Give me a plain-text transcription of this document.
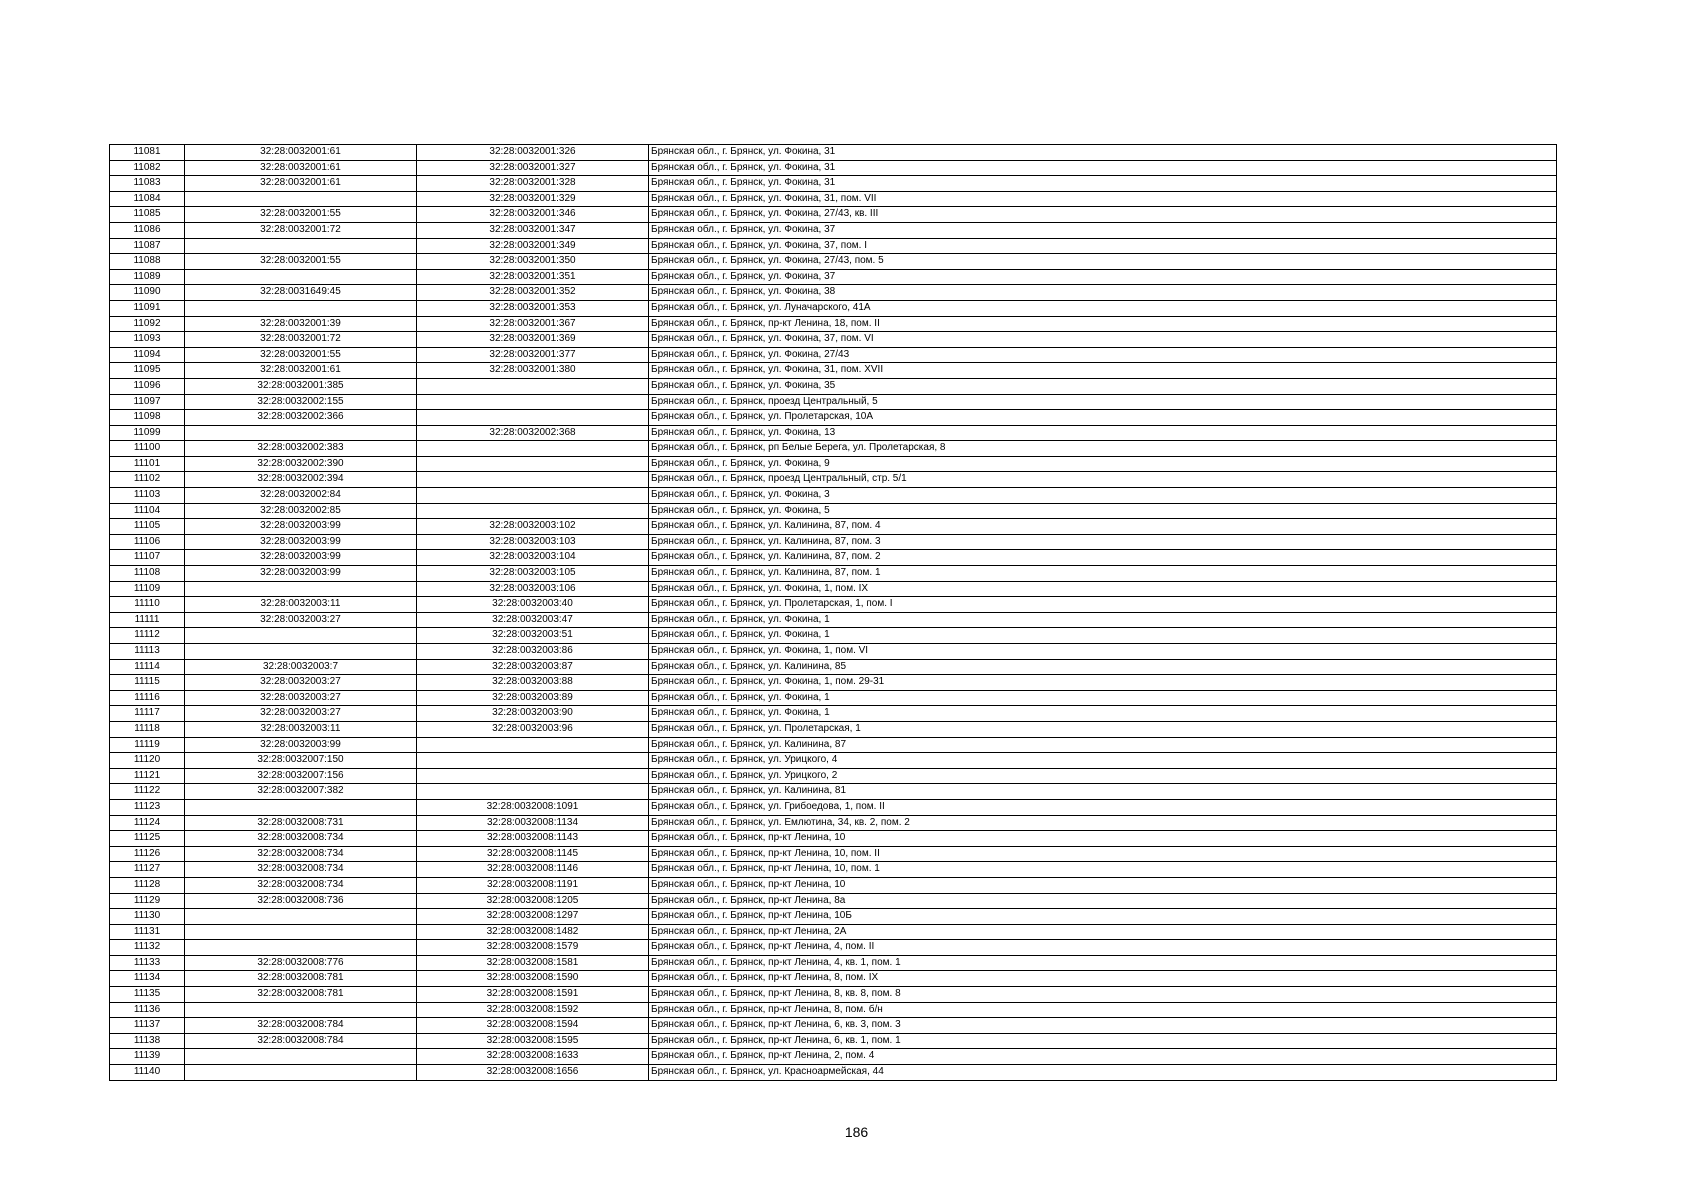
11081	32:28:0032001:61	32:28:0032001:326	Брянская обл., г. Брянск, ул. Фокина, 31
11082	32:28:0032001:61	32:28:0032001:327	Брянская обл., г. Брянск, ул. Фокина, 31
11083	32:28:0032001:61	32:28:0032001:328	Брянская обл., г. Брянск, ул. Фокина, 31
11084		32:28:0032001:329	Брянская обл., г. Брянск, ул. Фокина, 31, пом. VII
11085	32:28:0032001:55	32:28:0032001:346	Брянская обл., г. Брянск, ул. Фокина, 27/43, кв. III
11086	32:28:0032001:72	32:28:0032001:347	Брянская обл., г. Брянск, ул. Фокина, 37
11087		32:28:0032001:349	Брянская обл., г. Брянск, ул. Фокина, 37, пом. I
11088	32:28:0032001:55	32:28:0032001:350	Брянская обл., г. Брянск, ул. Фокина, 27/43, пом. 5
11089		32:28:0032001:351	Брянская обл., г. Брянск, ул. Фокина, 37
11090	32:28:0031649:45	32:28:0032001:352	Брянская обл., г. Брянск, ул. Фокина, 38
11091		32:28:0032001:353	Брянская обл., г. Брянск, ул. Луначарского, 41А
11092	32:28:0032001:39	32:28:0032001:367	Брянская обл., г. Брянск, пр-кт Ленина, 18, пом. II
11093	32:28:0032001:72	32:28:0032001:369	Брянская обл., г. Брянск, ул. Фокина, 37, пом. VI
11094	32:28:0032001:55	32:28:0032001:377	Брянская обл., г. Брянск, ул. Фокина, 27/43
11095	32:28:0032001:61	32:28:0032001:380	Брянская обл., г. Брянск, ул. Фокина, 31, пом. XVII
11096	32:28:0032001:385		Брянская обл., г. Брянск, ул. Фокина, 35
11097	32:28:0032002:155		Брянская обл., г. Брянск, проезд Центральный, 5
11098	32:28:0032002:366		Брянская обл., г. Брянск, ул. Пролетарская, 10А
11099		32:28:0032002:368	Брянская обл., г. Брянск, ул. Фокина, 13
11100	32:28:0032002:383		Брянская обл., г. Брянск, рп Белые Берега, ул. Пролетарская, 8
11101	32:28:0032002:390		Брянская обл., г. Брянск, ул. Фокина, 9
11102	32:28:0032002:394		Брянская обл., г. Брянск, проезд Центральный, стр. 5/1
11103	32:28:0032002:84		Брянская обл., г. Брянск, ул. Фокина, 3
11104	32:28:0032002:85		Брянская обл., г. Брянск, ул. Фокина, 5
11105	32:28:0032003:99	32:28:0032003:102	Брянская обл., г. Брянск, ул. Калинина, 87, пом. 4
11106	32:28:0032003:99	32:28:0032003:103	Брянская обл., г. Брянск, ул. Калинина, 87, пом. 3
11107	32:28:0032003:99	32:28:0032003:104	Брянская обл., г. Брянск, ул. Калинина, 87, пом. 2
11108	32:28:0032003:99	32:28:0032003:105	Брянская обл., г. Брянск, ул. Калинина, 87, пом. 1
11109		32:28:0032003:106	Брянская обл., г. Брянск, ул. Фокина, 1, пом. IX
11110	32:28:0032003:11	32:28:0032003:40	Брянская обл., г. Брянск, ул. Пролетарская, 1, пом. I
11111	32:28:0032003:27	32:28:0032003:47	Брянская обл., г. Брянск, ул. Фокина, 1
11112		32:28:0032003:51	Брянская обл., г. Брянск, ул. Фокина, 1
11113		32:28:0032003:86	Брянская обл., г. Брянск, ул. Фокина, 1, пом. VI
11114	32:28:0032003:7	32:28:0032003:87	Брянская обл., г. Брянск, ул. Калинина, 85
11115	32:28:0032003:27	32:28:0032003:88	Брянская обл., г. Брянск, ул. Фокина, 1, пом. 29-31
11116	32:28:0032003:27	32:28:0032003:89	Брянская обл., г. Брянск, ул. Фокина, 1
11117	32:28:0032003:27	32:28:0032003:90	Брянская обл., г. Брянск, ул. Фокина, 1
11118	32:28:0032003:11	32:28:0032003:96	Брянская обл., г. Брянск, ул. Пролетарская, 1
11119	32:28:0032003:99		Брянская обл., г. Брянск, ул. Калинина, 87
11120	32:28:0032007:150		Брянская обл., г. Брянск, ул. Урицкого, 4
11121	32:28:0032007:156		Брянская обл., г. Брянск, ул. Урицкого, 2
11122	32:28:0032007:382		Брянская обл., г. Брянск, ул. Калинина, 81
11123		32:28:0032008:1091	Брянская обл., г. Брянск, ул. Грибоедова, 1, пом. II
11124	32:28:0032008:731	32:28:0032008:1134	Брянская обл., г. Брянск, ул. Емлютина, 34, кв. 2, пом. 2
11125	32:28:0032008:734	32:28:0032008:1143	Брянская обл., г. Брянск, пр-кт Ленина, 10
11126	32:28:0032008:734	32:28:0032008:1145	Брянская обл., г. Брянск, пр-кт Ленина, 10, пом. II
11127	32:28:0032008:734	32:28:0032008:1146	Брянская обл., г. Брянск, пр-кт Ленина, 10, пом. 1
11128	32:28:0032008:734	32:28:0032008:1191	Брянская обл., г. Брянск, пр-кт Ленина, 10
11129	32:28:0032008:736	32:28:0032008:1205	Брянская обл., г. Брянск, пр-кт Ленина, 8а
11130		32:28:0032008:1297	Брянская обл., г. Брянск, пр-кт Ленина, 10Б
11131		32:28:0032008:1482	Брянская обл., г. Брянск, пр-кт Ленина, 2А
11132		32:28:0032008:1579	Брянская обл., г. Брянск, пр-кт Ленина, 4, пом. II
11133	32:28:0032008:776	32:28:0032008:1581	Брянская обл., г. Брянск, пр-кт Ленина, 4, кв. 1, пом. 1
11134	32:28:0032008:781	32:28:0032008:1590	Брянская обл., г. Брянск, пр-кт Ленина, 8, пом. IX
11135	32:28:0032008:781	32:28:0032008:1591	Брянская обл., г. Брянск, пр-кт Ленина, 8, кв. 8, пом. 8
11136		32:28:0032008:1592	Брянская обл., г. Брянск, пр-кт Ленина, 8, пом. б/н
11137	32:28:0032008:784	32:28:0032008:1594	Брянская обл., г. Брянск, пр-кт Ленина, 6, кв. 3, пом. 3
11138	32:28:0032008:784	32:28:0032008:1595	Брянская обл., г. Брянск, пр-кт Ленина, 6, кв. 1, пом. 1
11139		32:28:0032008:1633	Брянская обл., г. Брянск, пр-кт Ленина, 2, пом. 4
11140		32:28:0032008:1656	Брянская обл., г. Брянск, ул. Красноармейская, 44
186
